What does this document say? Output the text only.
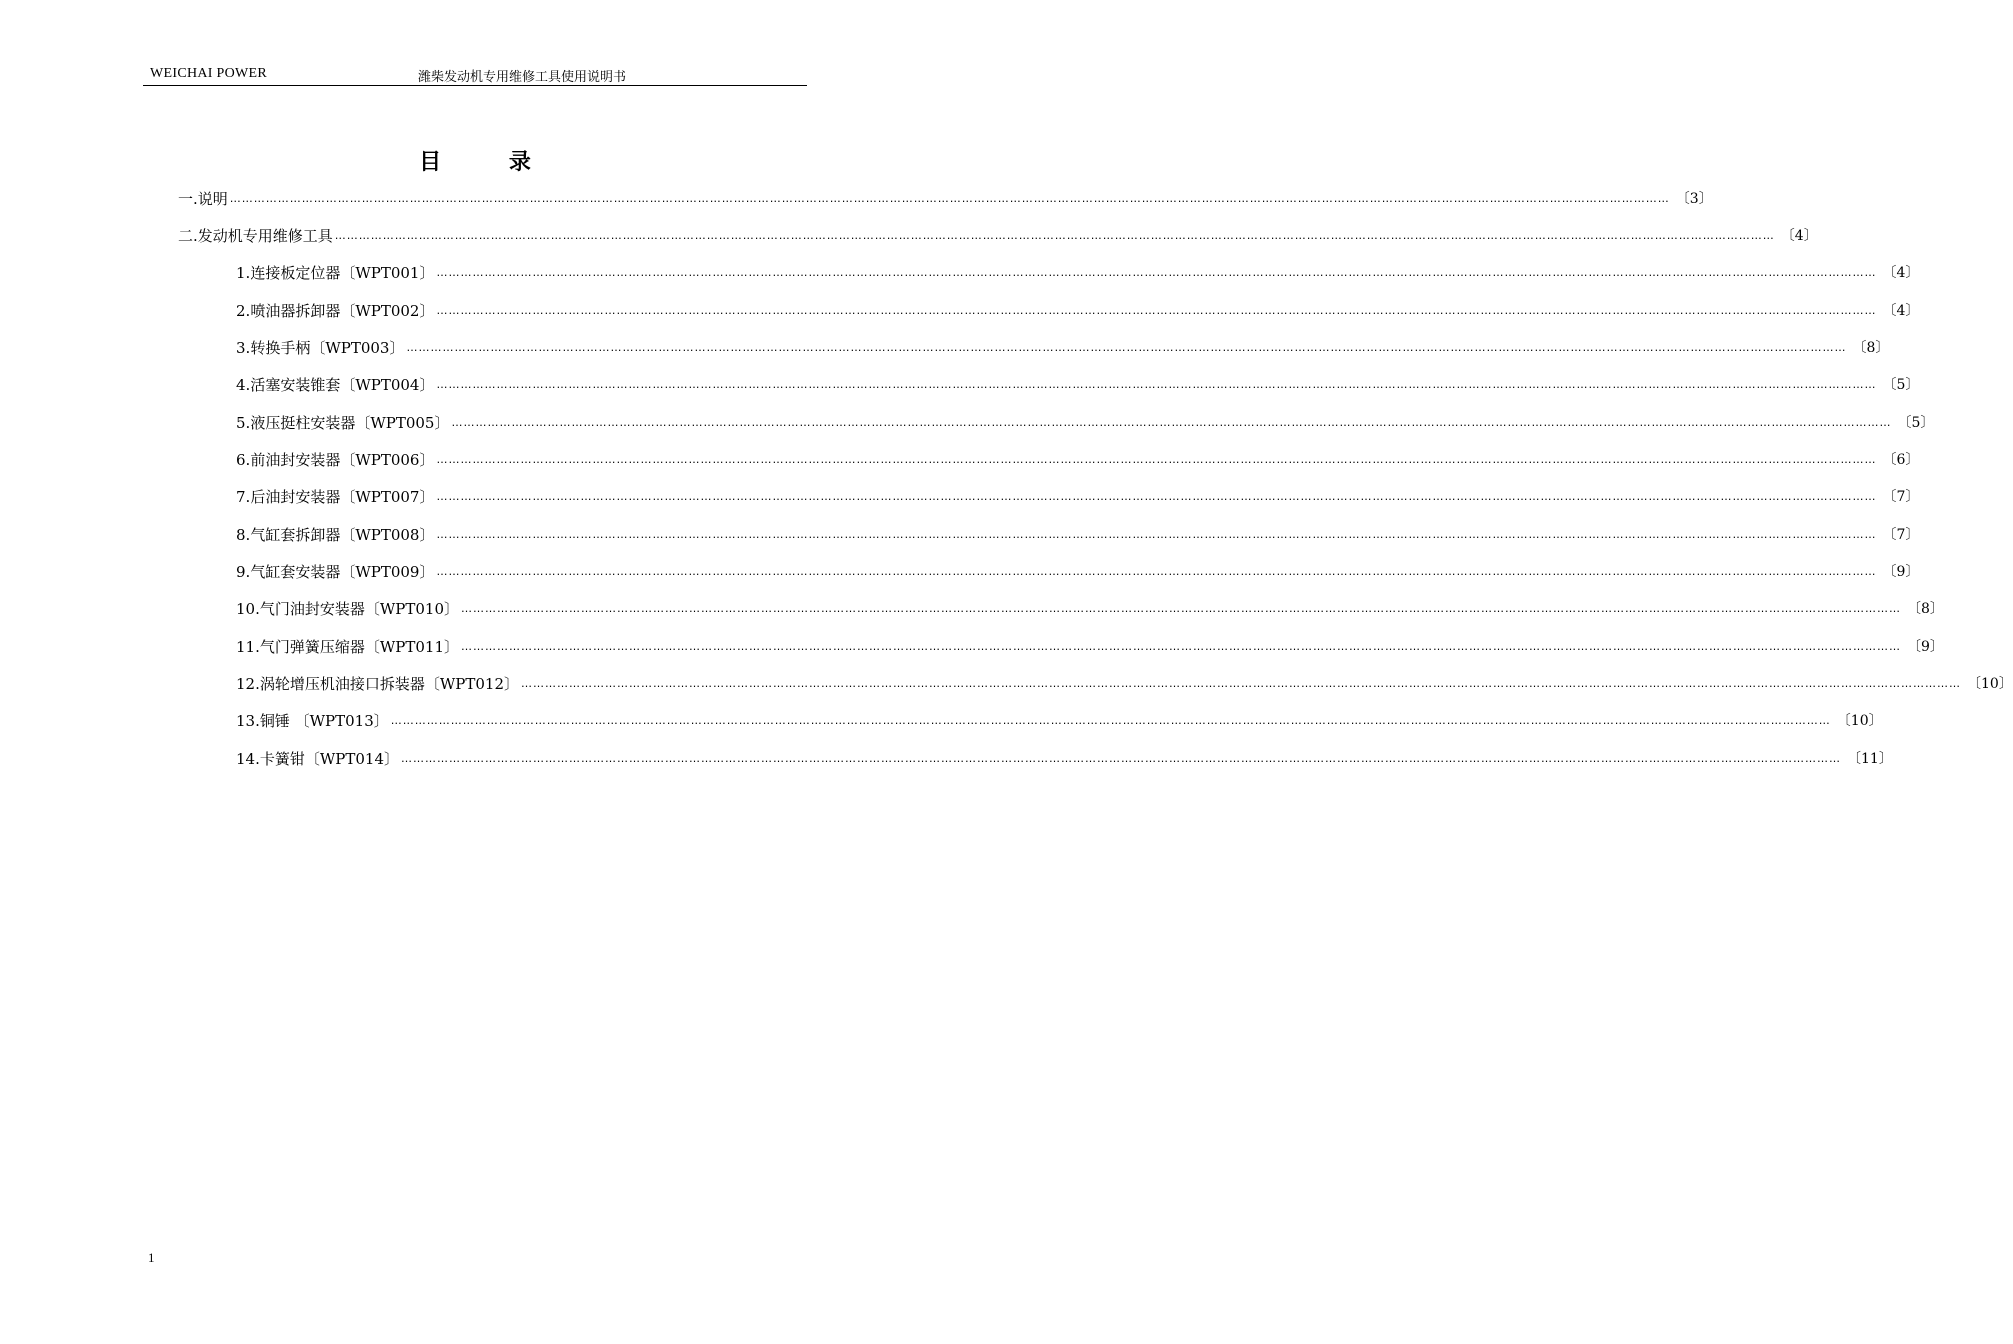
WEICHAI POWER	潍柴发动机专用维修工具使用说明书
目 录
一. 说明 ……………………………………………………………………………………………………………………………………………………………………………………………………………………………………………………………………………………………………………………………… 〔3〕
二. 发动机专用维修工具 ……………………………………………………………………………………………………………………………………………………………………………………………………………………………………………………………………………………………………………………………… 〔4〕
1. 连接板定位器〔WPT001〕 ……………………………………………………………………………………………………………………………………………………………………………………………………………………………………………………………………………………………………………………………… 〔4〕
2. 喷油器拆卸器〔WPT002〕 ……………………………………………………………………………………………………………………………………………………………………………………………………………………………………………………………………………………………………………………………… 〔4〕
3. 转换手柄〔WPT003〕 ……………………………………………………………………………………………………………………………………………………………………………………………………………………………………………………………………………………………………………………………… 〔8〕
4. 活塞安装锥套〔WPT004〕 ……………………………………………………………………………………………………………………………………………………………………………………………………………………………………………………………………………………………………………………………… 〔5〕
5. 液压挺柱安装器〔WPT005〕 ……………………………………………………………………………………………………………………………………………………………………………………………………………………………………………………………………………………………………………………………… 〔5〕
6. 前油封安装器〔WPT006〕 ……………………………………………………………………………………………………………………………………………………………………………………………………………………………………………………………………………………………………………………………… 〔6〕
7. 后油封安装器〔WPT007〕 ……………………………………………………………………………………………………………………………………………………………………………………………………………………………………………………………………………………………………………………………… 〔7〕
8. 气缸套拆卸器〔WPT008〕 ……………………………………………………………………………………………………………………………………………………………………………………………………………………………………………………………………………………………………………………………… 〔7〕
9. 气缸套安装器〔WPT009〕 ……………………………………………………………………………………………………………………………………………………………………………………………………………………………………………………………………………………………………………………………… 〔9〕
10. 气门油封安装器〔WPT010〕 ……………………………………………………………………………………………………………………………………………………………………………………………………………………………………………………………………………………………………………………………… 〔8〕
11. 气门弹簧压缩器〔WPT011〕 ……………………………………………………………………………………………………………………………………………………………………………………………………………………………………………………………………………………………………………………………… 〔9〕
12. 涡轮增压机油接口拆装器〔WPT012〕 ……………………………………………………………………………………………………………………………………………………………………………………………………………………………………………………………………………………………………………………………… 〔10〕
13. 铜锤 〔WPT013〕 ……………………………………………………………………………………………………………………………………………………………………………………………………………………………………………………………………………………………………………………………… 〔10〕
14. 卡簧钳〔WPT014〕 ……………………………………………………………………………………………………………………………………………………………………………………………………………………………………………………………………………………………………………………………… 〔11〕
1
